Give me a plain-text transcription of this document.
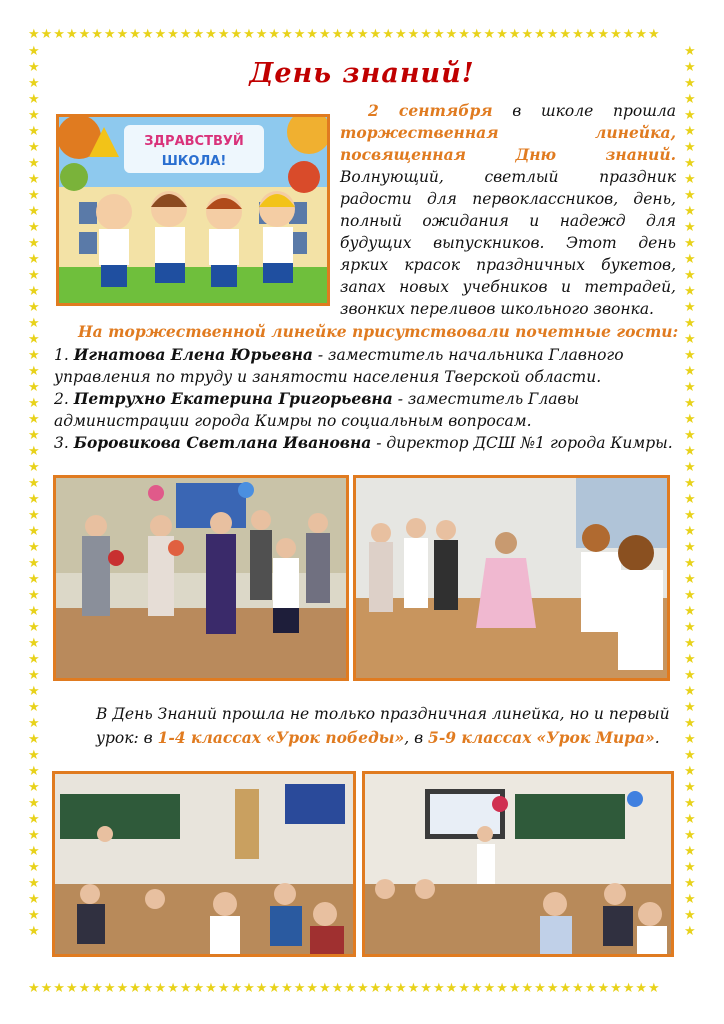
★★★★★★★★★★★★★★★★★★★★★★★★★★★★★★★★★★★★★★★★★★★★★★★★★★
★★★★★★★★★★★★★★★★★★★★★★★★★★★★★★★★★★★★★★★★★★★★★★★★★★
★★★★★★★★★★★★★★★★★★★★★★★★★★★★★★★★★★★★★★★★★★★★★★★★★★★★★★★★
★★★★★★★★★★★★★★★★★★★★★★★★★★★★★★★★★★★★★★★★★★★★★★★★★★★★★★★★
День знаний!
ЗДРАВСТВУЙ
ШКОЛА!
2 сентября в школе прошла торжественная линейка, посвященная Дню знаний. Волнующий, светлый праздник радости для первоклассников, день, полный ожидания и надежд для будущих выпускников. Этот день ярких красок праздничных букетов, запах новых учебников и тетрадей, звонких переливов школьного звонка.
На торжественной линейке присутствовали почетные гости:
1. Игнатова Елена Юрьевна - заместитель начальника Главного управления по труду и занятости населения Тверской области.
2. Петрухно Екатерина Григорьевна - заместитель Главы администрации города Кимры по социальным вопросам.
3. Боровикова Светлана Ивановна - директор ДСШ №1 города Кимры.
В День Знаний прошла не только праздничная линейка, но и первый урок: в 1-4 классах «Урок победы», в 5-9 классах «Урок Мира».
